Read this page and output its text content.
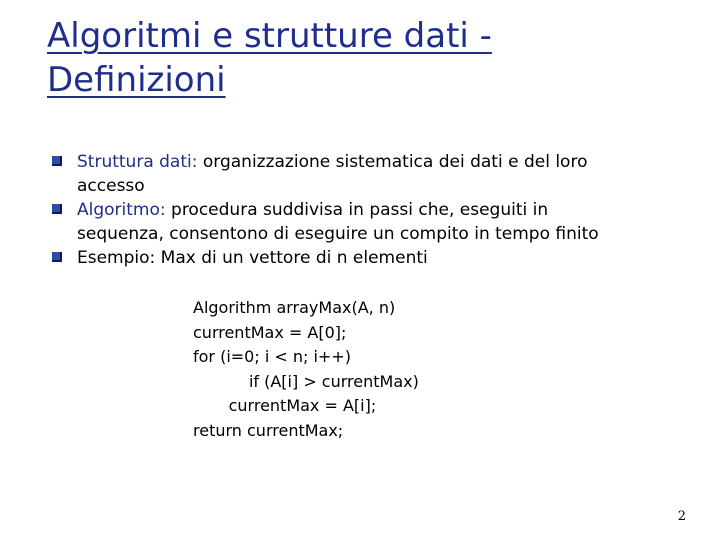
Algoritmi e strutture dati -
Definizioni
Struttura dati: organizzazione sistematica dei dati e del loro
accesso
Algoritmo: procedura suddivisa in passi che, eseguiti in
sequenza, consentono di eseguire un compito in tempo finito
Esempio: Max di un vettore di n elementi
Algorithm arrayMax(A, n)
currentMax = A[0];
for (i=0; i < n; i++)
if (A[i] > currentMax)
currentMax = A[i];
return currentMax;
2
